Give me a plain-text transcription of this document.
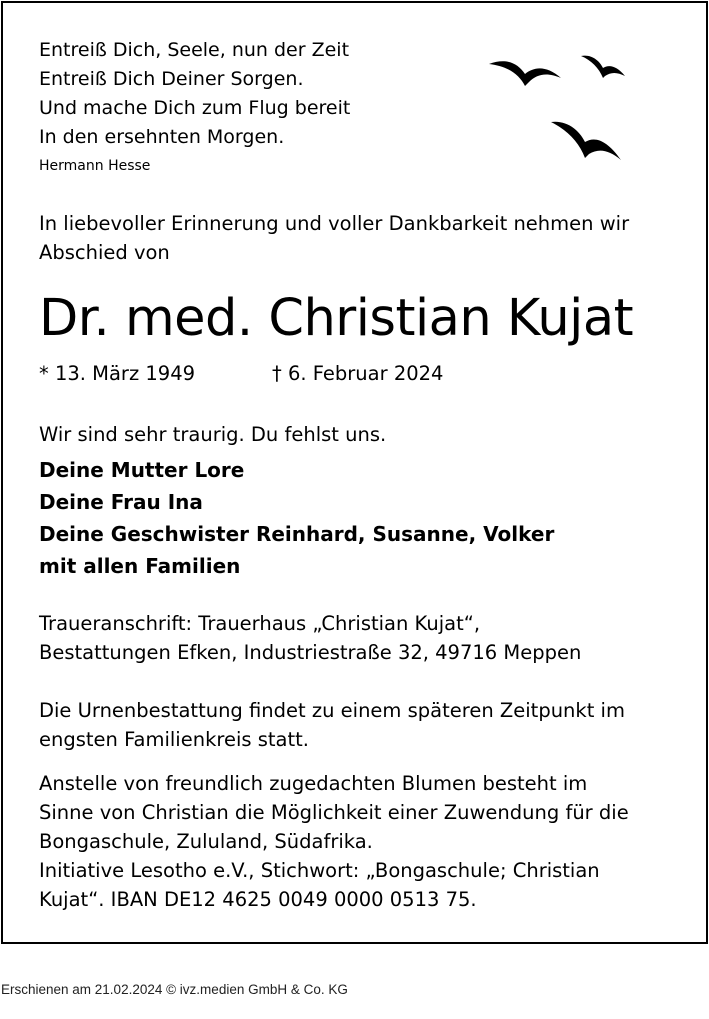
Entreiß Dich, Seele, nun der Zeit
Entreiß Dich Deiner Sorgen.
Und mache Dich zum Flug bereit
In den ersehnten Morgen.
Hermann Hesse
In liebevoller Erinnerung und voller Dankbarkeit nehmen wir
Abschied von
Dr. med. Christian Kujat
* 13. März 1949	† 6. Februar 2024
Wir sind sehr traurig. Du fehlst uns.
Deine Mutter Lore
Deine Frau Ina
Deine Geschwister Reinhard, Susanne, Volker
mit allen Familien
Traueranschrift: Trauerhaus „Christian Kujat“,
Bestattungen Efken, Industriestraße 32, 49716 Meppen
Die Urnenbestattung findet zu einem späteren Zeitpunkt im
engsten Familienkreis statt.
Anstelle von freundlich zugedachten Blumen besteht im
Sinne von Christian die Möglichkeit einer Zuwendung für die
Bongaschule, Zululand, Südafrika.
Initiative Lesotho e.V., Stichwort: „Bongaschule; Christian
Kujat“. IBAN DE12 4625 0049 0000 0513 75.
Erschienen am 21.02.2024 © ivz.medien GmbH & Co. KG
